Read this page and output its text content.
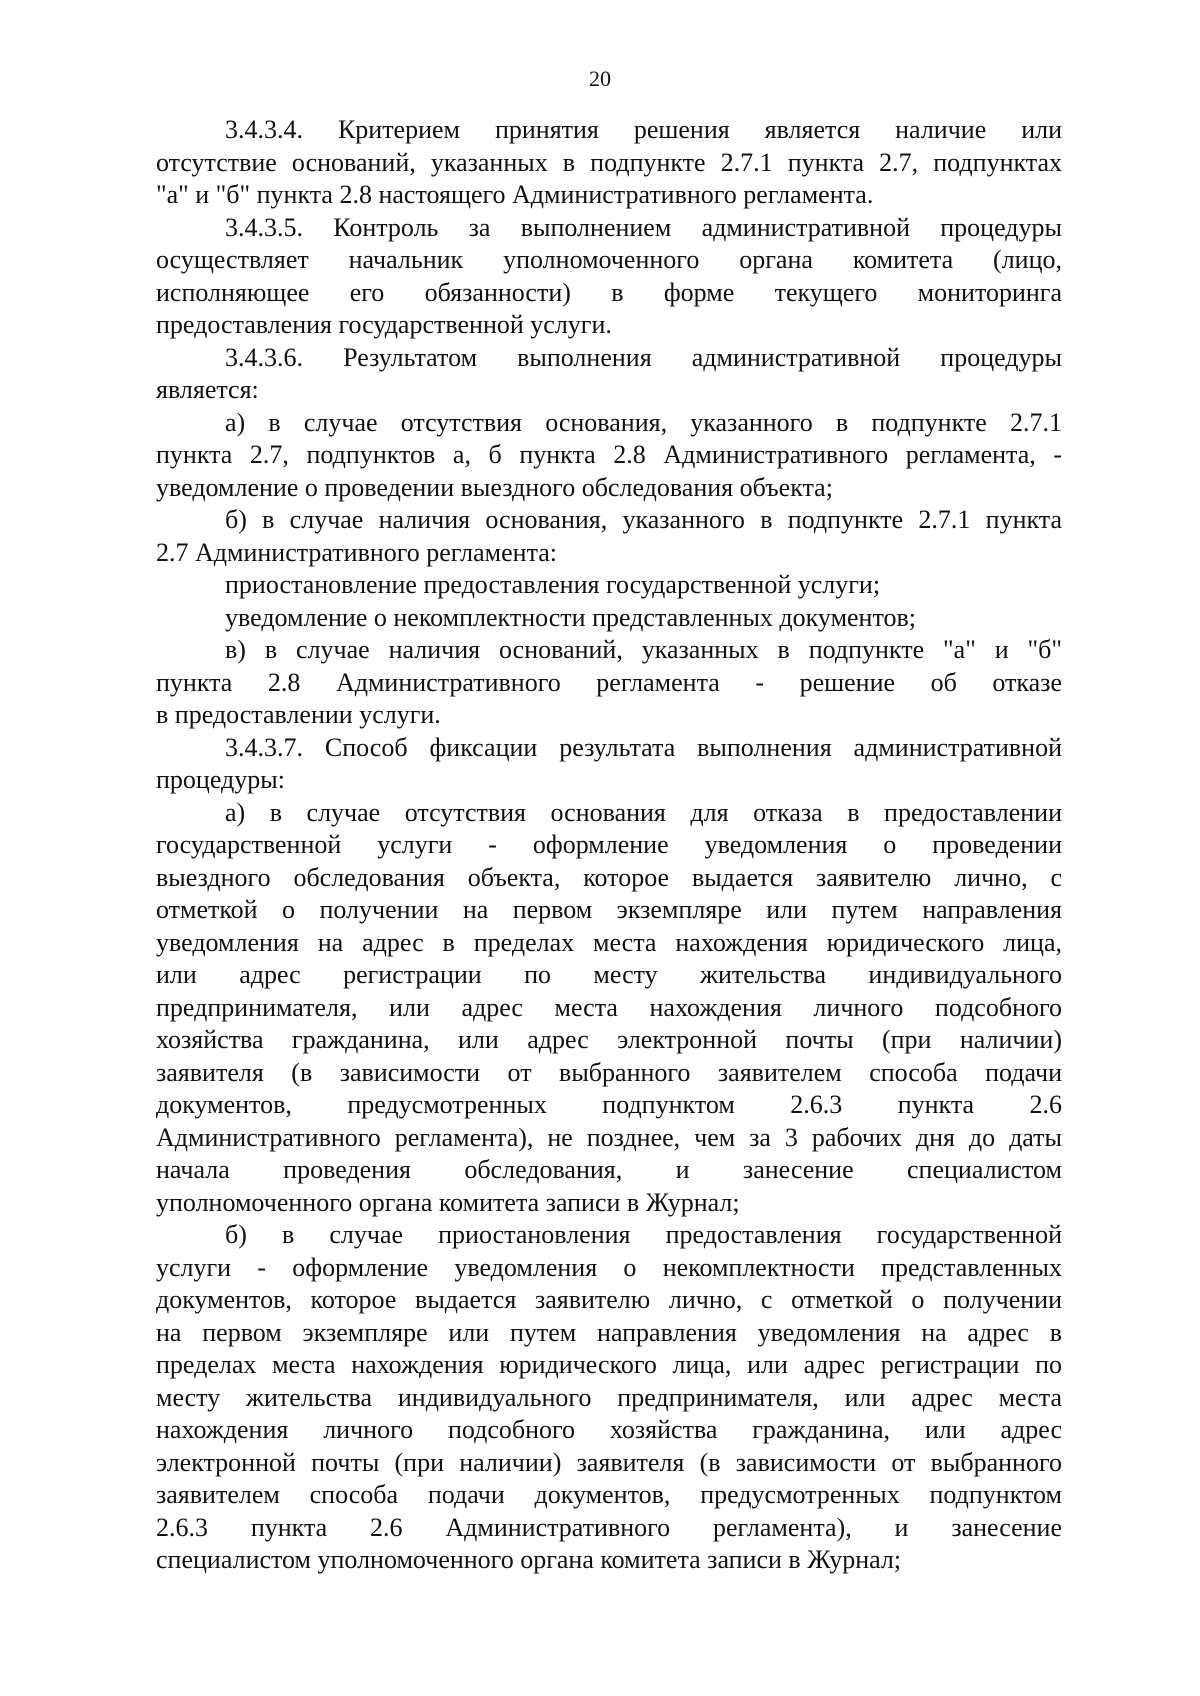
20
3.4.3.4. Критерием принятия решения является наличие или
отсутствие оснований, указанных в подпункте 2.7.1 пункта 2.7, подпунктах
"а" и "б" пункта 2.8 настоящего Административного регламента.
3.4.3.5. Контроль за выполнением административной процедуры
осуществляет начальник уполномоченного органа комитета (лицо,
исполняющее его обязанности) в форме текущего мониторинга
предоставления государственной услуги.
3.4.3.6. Результатом выполнения административной процедуры
является:
а) в случае отсутствия основания, указанного в подпункте 2.7.1
пункта 2.7, подпунктов а, б пункта 2.8 Административного регламента, -
уведомление о проведении выездного обследования объекта;
б) в случае наличия основания, указанного в подпункте 2.7.1 пункта
2.7 Административного регламента:
приостановление предоставления государственной услуги;
уведомление о некомплектности представленных документов;
в) в случае наличия оснований, указанных в подпункте "а" и "б"
пункта 2.8 Административного регламента - решение об отказе
в предоставлении услуги.
3.4.3.7. Способ фиксации результата выполнения административной
процедуры:
а) в случае отсутствия основания для отказа в предоставлении
государственной услуги - оформление уведомления о проведении
выездного обследования объекта, которое выдается заявителю лично, с
отметкой о получении на первом экземпляре или путем направления
уведомления на адрес в пределах места нахождения юридического лица,
или адрес регистрации по месту жительства индивидуального
предпринимателя, или адрес места нахождения личного подсобного
хозяйства гражданина, или адрес электронной почты (при наличии)
заявителя (в зависимости от выбранного заявителем способа подачи
документов, предусмотренных подпунктом 2.6.3 пункта 2.6
Административного регламента), не позднее, чем за 3 рабочих дня до даты
начала проведения обследования, и занесение специалистом
уполномоченного органа комитета записи в Журнал;
б) в случае приостановления предоставления государственной
услуги - оформление уведомления о некомплектности представленных
документов, которое выдается заявителю лично, с отметкой о получении
на первом экземпляре или путем направления уведомления на адрес в
пределах места нахождения юридического лица, или адрес регистрации по
месту жительства индивидуального предпринимателя, или адрес места
нахождения личного подсобного хозяйства гражданина, или адрес
электронной почты (при наличии) заявителя (в зависимости от выбранного
заявителем способа подачи документов, предусмотренных подпунктом
2.6.3 пункта 2.6 Административного регламента), и занесение
специалистом уполномоченного органа комитета записи в Журнал;
